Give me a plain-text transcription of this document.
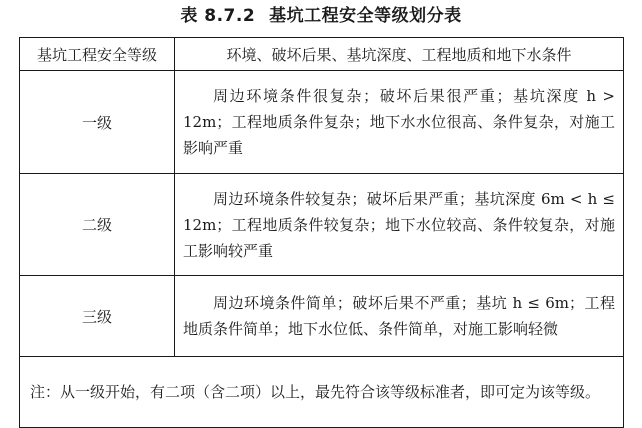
表 8.7.2 基坑工程安全等级划分表
基坑工程安全等级	环境、破坏后果、基坑深度、工程地质和地下水条件
一级	周边环境条件很复杂；破坏后果很严重；基坑深度 h > 12m；工程地质条件复杂；地下水水位很高、条件复杂，对施工影响严重
二级	周边环境条件较复杂；破坏后果严重；基坑深度 6m < h ≤ 12m；工程地质条件较复杂；地下水位较高、条件较复杂，对施工影响较严重
三级	周边环境条件简单；破坏后果不严重；基坑 h ≤ 6m；工程地质条件简单；地下水位低、条件简单，对施工影响轻微
注：从一级开始，有二项（含二项）以上，最先符合该等级标准者，即可定为该等级。	
